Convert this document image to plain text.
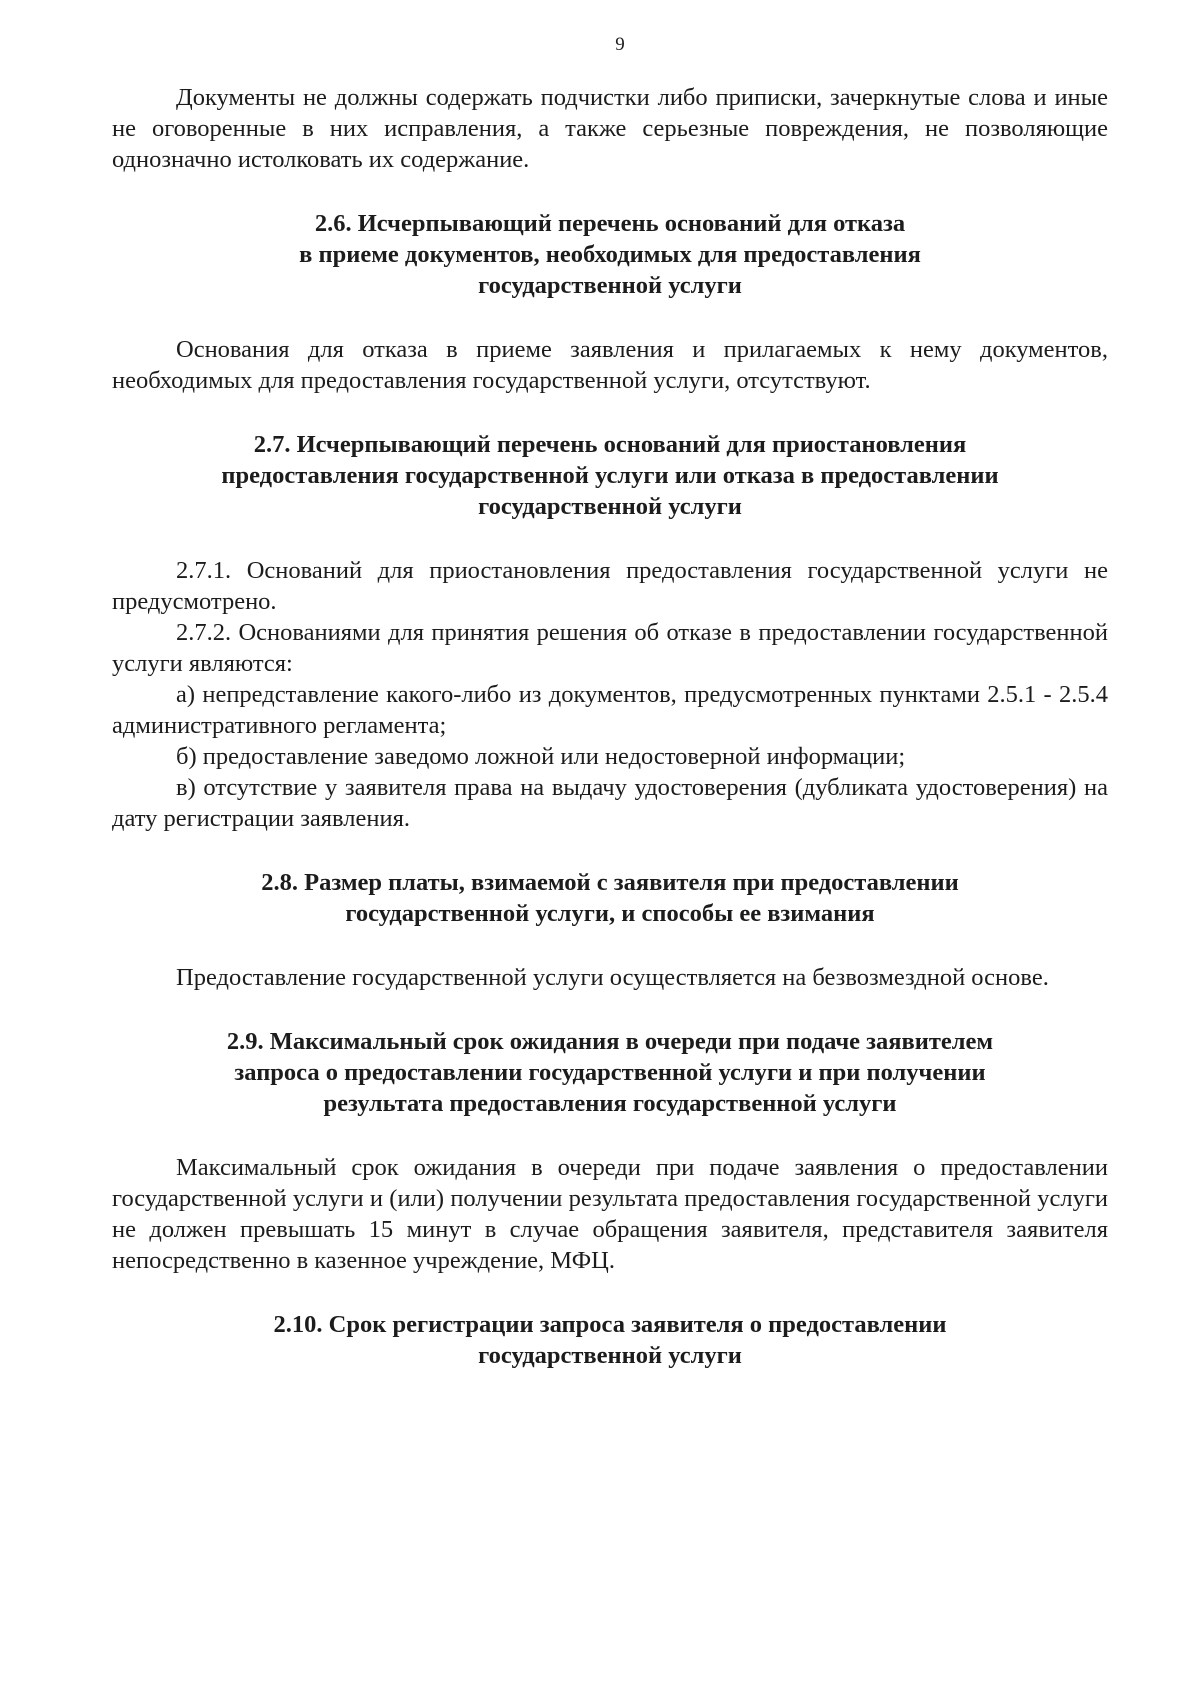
9

Документы не должны содержать подчистки либо приписки, зачеркнутые слова и иные не оговоренные в них исправления, а также серьезные повреждения, не позволяющие однозначно истолковать их содержание.

2.6. Исчерпывающий перечень оснований для отказа
в приеме документов, необходимых для предоставления
государственной услуги

Основания для отказа в приеме заявления и прилагаемых к нему документов, необходимых для предоставления государственной услуги, отсутствуют.

2.7. Исчерпывающий перечень оснований для приостановления
предоставления государственной услуги или отказа в предоставлении
государственной услуги

2.7.1. Оснований для приостановления предоставления государственной услуги не предусмотрено.

2.7.2. Основаниями для принятия решения об отказе в предоставлении государственной услуги являются:

а) непредставление какого-либо из документов, предусмотренных пунктами 2.5.1 - 2.5.4 административного регламента;

б) предоставление заведомо ложной или недостоверной информации;

в) отсутствие у заявителя права на выдачу удостоверения (дубликата удостоверения) на дату регистрации заявления.

2.8. Размер платы, взимаемой с заявителя при предоставлении
государственной услуги, и способы ее взимания

Предоставление государственной услуги осуществляется на безвозмездной основе.

2.9. Максимальный срок ожидания в очереди при подаче заявителем
запроса о предоставлении государственной услуги и при получении
результата предоставления государственной услуги

Максимальный срок ожидания в очереди при подаче заявления о предоставлении государственной услуги и (или) получении результата предоставления государственной услуги не должен превышать 15 минут в случае обращения заявителя, представителя заявителя непосредственно в казенное учреждение, МФЦ.

2.10. Срок регистрации запроса заявителя о предоставлении
государственной услуги
